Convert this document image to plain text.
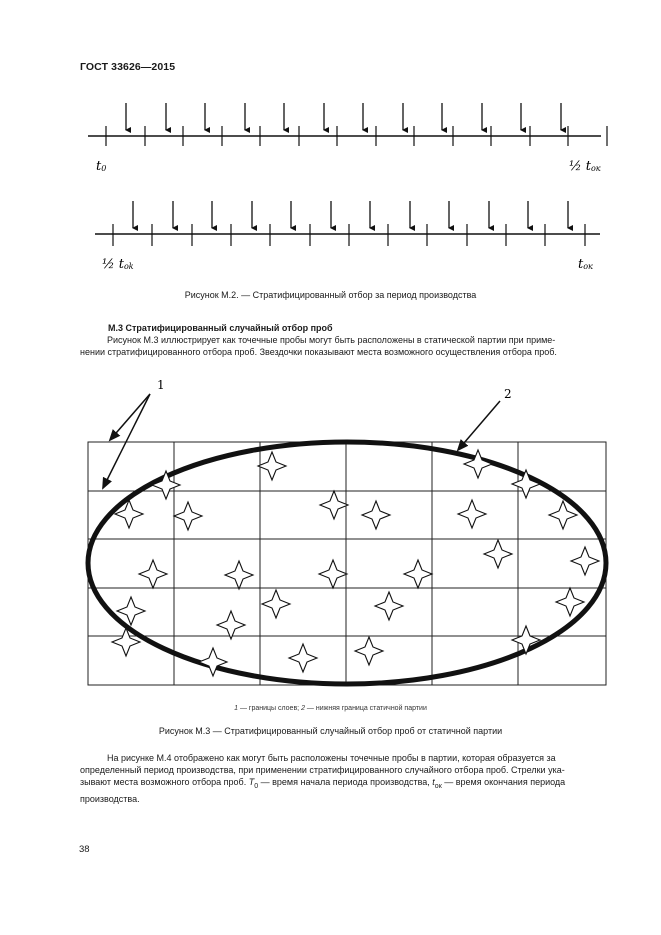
ГОСТ 33626—2015
t0	½ tок
½ tok	tок
Рисунок М.2. — Стратифицированный отбор за период производства
М.3 Стратифицированный случайный отбор проб

Рисунок М.3 иллюстрирует как точечные пробы могут быть расположены в статической партии при приме-

нении стратифицированного отбора проб. Звездочки показывают места возможного осуществления отбора проб.
1
2
1 — границы слоев; 2 — нижняя граница статичной партии
Рисунок М.3 — Стратифицированный случайный отбор проб от статичной партии

На рисунке М.4 отображено как могут быть расположены точечные пробы в партии, которая образуется за

определенный период производства, при применении стратифицированного случайного отбора проб. Стрелки ука-
зывают места возможного отбора проб. $T_0$ — время начала периода производства, $t_{ок}$ — время окончания периода
производства.
38
